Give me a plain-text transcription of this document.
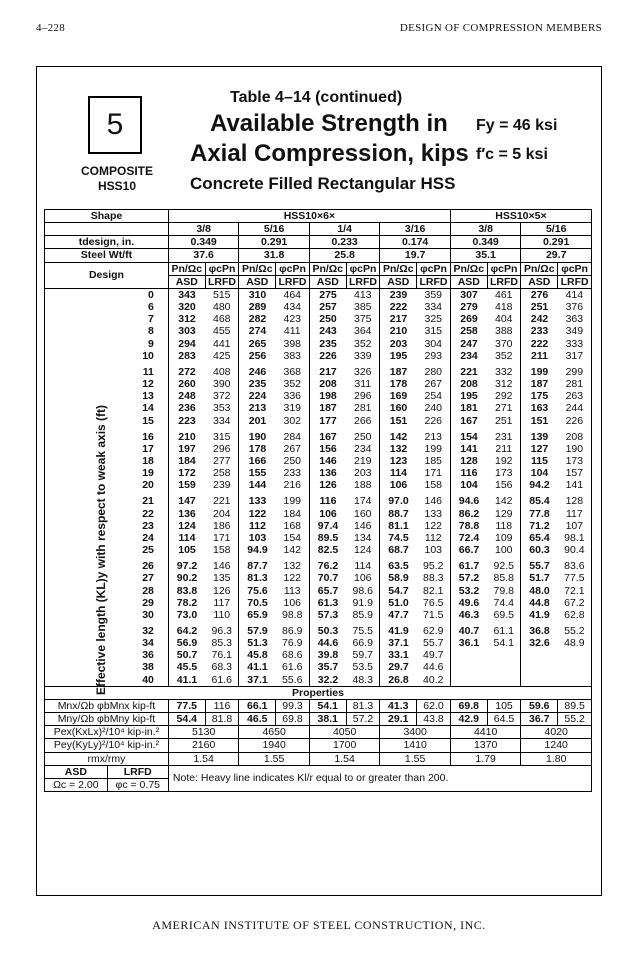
4–228	DESIGN OF COMPRESSION MEMBERS
5
COMPOSITE
HSS10
Table 4–14 (continued)
Available Strength in
Axial Compression, kips
Concrete Filled Rectangular HSS
Fy = 46 ksi
f′c = 5 ksi
Shape		HSS10×6×								HSS10×5×			
		3/8		5/16		1/4		3/16		3/8		5/16	
tdesign, in.		0.349		0.291		0.233		0.174		0.349		0.291	
Steel Wt/ft		37.6		31.8		25.8		19.7		35.1		29.7	
Design		Pn/Ωc	φcPn	Pn/Ωc	φcPn	Pn/Ωc	φcPn	Pn/Ωc	φcPn	Pn/Ωc	φcPn	Pn/Ωc	φcPn
		ASD	LRFD	ASD	LRFD	ASD	LRFD	ASD	LRFD	ASD	LRFD	ASD	LRFD
	0	343	515	310	464	275	413	239	359	307	461	276	414
	6	320	480	289	434	257	385	222	334	279	418	251	376
	7	312	468	282	423	250	375	217	325	269	404	242	363
	8	303	455	274	411	243	364	210	315	258	388	233	349
	9	294	441	265	398	235	352	203	304	247	370	222	333
	10	283	425	256	383	226	339	195	293	234	352	211	317
	11	272	408	246	368	217	326	187	280	221	332	199	299
	12	260	390	235	352	208	311	178	267	208	312	187	281
	13	248	372	224	336	198	296	169	254	195	292	175	263
	14	236	353	213	319	187	281	160	240	181	271	163	244
	15	223	334	201	302	177	266	151	226	167	251	151	226
	16	210	315	190	284	167	250	142	213	154	231	139	208
	17	197	296	178	267	156	234	132	199	141	211	127	190
	18	184	277	166	250	146	219	123	185	128	192	115	173
	19	172	258	155	233	136	203	114	171	116	173	104	157
	20	159	239	144	216	126	188	106	158	104	156	94.2	141
	21	147	221	133	199	116	174	97.0	146	94.6	142	85.4	128
	22	136	204	122	184	106	160	88.7	133	86.2	129	77.8	117
	23	124	186	112	168	97.4	146	81.1	122	78.8	118	71.2	107
	24	114	171	103	154	89.5	134	74.5	112	72.4	109	65.4	98.1
	25	105	158	94.9	142	82.5	124	68.7	103	66.7	100	60.3	90.4
	26	97.2	146	87.7	132	76.2	114	63.5	95.2	61.7	92.5	55.7	83.6
	27	90.2	135	81.3	122	70.7	106	58.9	88.3	57.2	85.8	51.7	77.5
	28	83.8	126	75.6	113	65.7	98.6	54.7	82.1	53.2	79.8	48.0	72.1
	29	78.2	117	70.5	106	61.3	91.9	51.0	76.5	49.6	74.4	44.8	67.2
	30	73.0	110	65.9	98.8	57.3	85.9	47.7	71.5	46.3	69.5	41.9	62.8
	32	64.2	96.3	57.9	86.9	50.3	75.5	41.9	62.9	40.7	61.1	36.8	55.2
	34	56.9	85.3	51.3	76.9	44.6	66.9	37.1	55.7	36.1	54.1	32.6	48.9
	36	50.7	76.1	45.8	68.6	39.8	59.7	33.1	49.7				
	38	45.5	68.3	41.1	61.6	35.7	53.5	29.7	44.6				
	40	41.1	61.6	37.1	55.6	32.2	48.3	26.8	40.2				
Properties													
Mnx/Ωb φbMnx kip-ft		77.5	116	66.1	99.3	54.1	81.3	41.3	62.0	69.8	105	59.6	89.5
Mny/Ωb φbMny kip-ft		54.4	81.8	46.5	69.8	38.1	57.2	29.1	43.8	42.9	64.5	36.7	55.2
Pex(KxLx)²/10⁴ kip-in.²		5130		4650		4050		3400		4410		4020	
Pey(KyLy)²/10⁴ kip-in.²		2160		1940		1700		1410		1370		1240	
rmx/rmy		1.54		1.55		1.54		1.55		1.79		1.80	
ASD	LRFD	Note: Heavy line indicates Kl/r equal to or greater than 200.											
Ωc = 2.00	φc = 0.75												
Effective length (KL)y with respect to weak axis (ft)
AMERICAN INSTITUTE OF STEEL CONSTRUCTION, INC.
